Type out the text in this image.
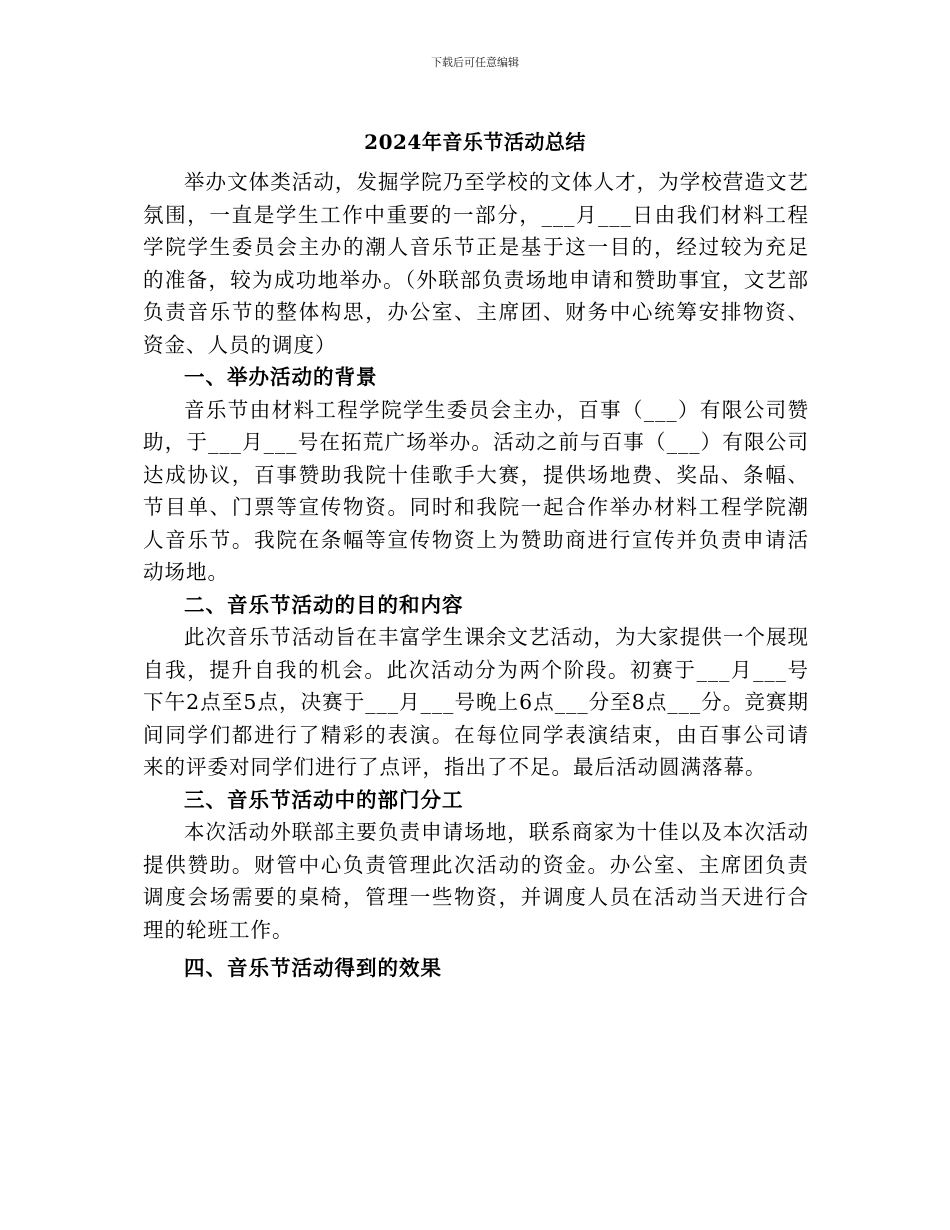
下载后可任意编辑
2024年音乐节活动总结

举办文体类活动，发掘学院乃至学校的文体人才，为学校营造文艺氛围，一直是学生工作中重要的一部分，___月___日由我们材料工程学院学生委员会主办的潮人音乐节正是基于这一目的，经过较为充足的准备，较为成功地举办。（外联部负责场地申请和赞助事宜，文艺部负责音乐节的整体构思，办公室、主席团、财务中心统筹安排物资、资金、人员的调度）

一、举办活动的背景

音乐节由材料工程学院学生委员会主办，百事（___）有限公司赞助，于___月___号在拓荒广场举办。活动之前与百事（___）有限公司达成协议，百事赞助我院十佳歌手大赛，提供场地费、奖品、条幅、节目单、门票等宣传物资。同时和我院一起合作举办材料工程学院潮人音乐节。我院在条幅等宣传物资上为赞助商进行宣传并负责申请活动场地。

二、音乐节活动的目的和内容

此次音乐节活动旨在丰富学生课余文艺活动，为大家提供一个展现自我，提升自我的机会。此次活动分为两个阶段。初赛于___月___号下午2点至5点，决赛于___月___号晚上6点___分至8点___分。竞赛期间同学们都进行了精彩的表演。在每位同学表演结束，由百事公司请来的评委对同学们进行了点评，指出了不足。最后活动圆满落幕。

三、音乐节活动中的部门分工

本次活动外联部主要负责申请场地，联系商家为十佳以及本次活动提供赞助。财管中心负责管理此次活动的资金。办公室、主席团负责调度会场需要的桌椅，管理一些物资，并调度人员在活动当天进行合理的轮班工作。

四、音乐节活动得到的效果
